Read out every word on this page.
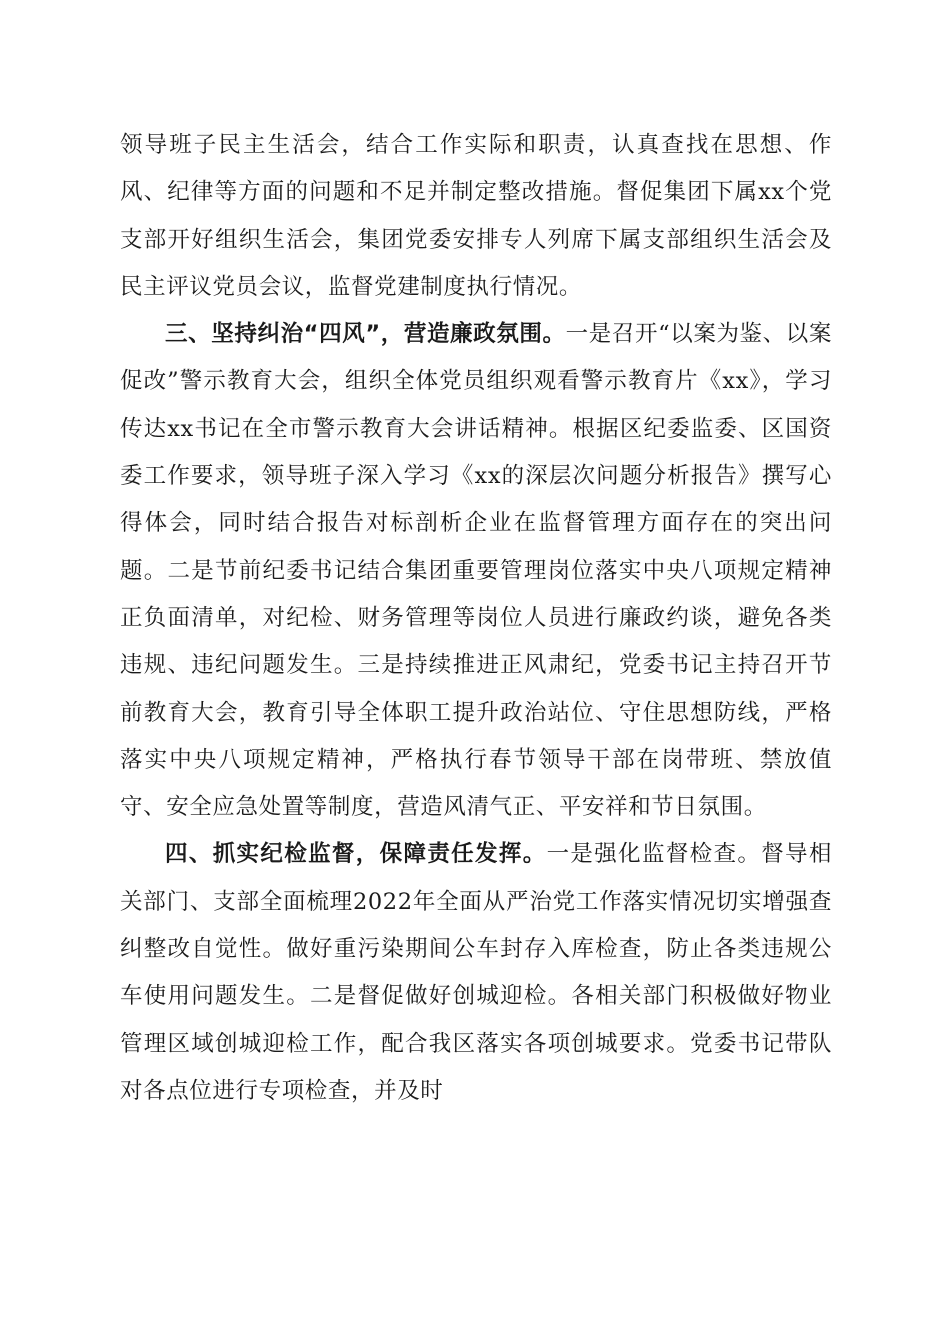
领导班子民主生活会，结合工作实际和职责，认真查找在思想、作风、纪律等方面的问题和不足并制定整改措施。督促集团下属xx个党支部开好组织生活会，集团党委安排专人列席下属支部组织生活会及民主评议党员会议，监督党建制度执行情况。

三、坚持纠治“四风”，营造廉政氛围。一是召开“以案为鉴、以案促改”警示教育大会，组织全体党员组织观看警示教育片《xx》，学习传达xx书记在全市警示教育大会讲话精神。根据区纪委监委、区国资委工作要求，领导班子深入学习《xx的深层次问题分析报告》撰写心得体会，同时结合报告对标剖析企业在监督管理方面存在的突出问题。二是节前纪委书记结合集团重要管理岗位落实中央八项规定精神正负面清单，对纪检、财务管理等岗位人员进行廉政约谈，避免各类违规、违纪问题发生。三是持续推进正风肃纪，党委书记主持召开节前教育大会，教育引导全体职工提升政治站位、守住思想防线，严格落实中央八项规定精神，严格执行春节领导干部在岗带班、禁放值守、安全应急处置等制度，营造风清气正、平安祥和节日氛围。

四、抓实纪检监督，保障责任发挥。一是强化监督检查。督导相关部门、支部全面梳理2022年全面从严治党工作落实情况切实增强查纠整改自觉性。做好重污染期间公车封存入库检查，防止各类违规公车使用问题发生。二是督促做好创城迎检。各相关部门积极做好物业管理区域创城迎检工作，配合我区落实各项创城要求。党委书记带队对各点位进行专项检查，并及时
